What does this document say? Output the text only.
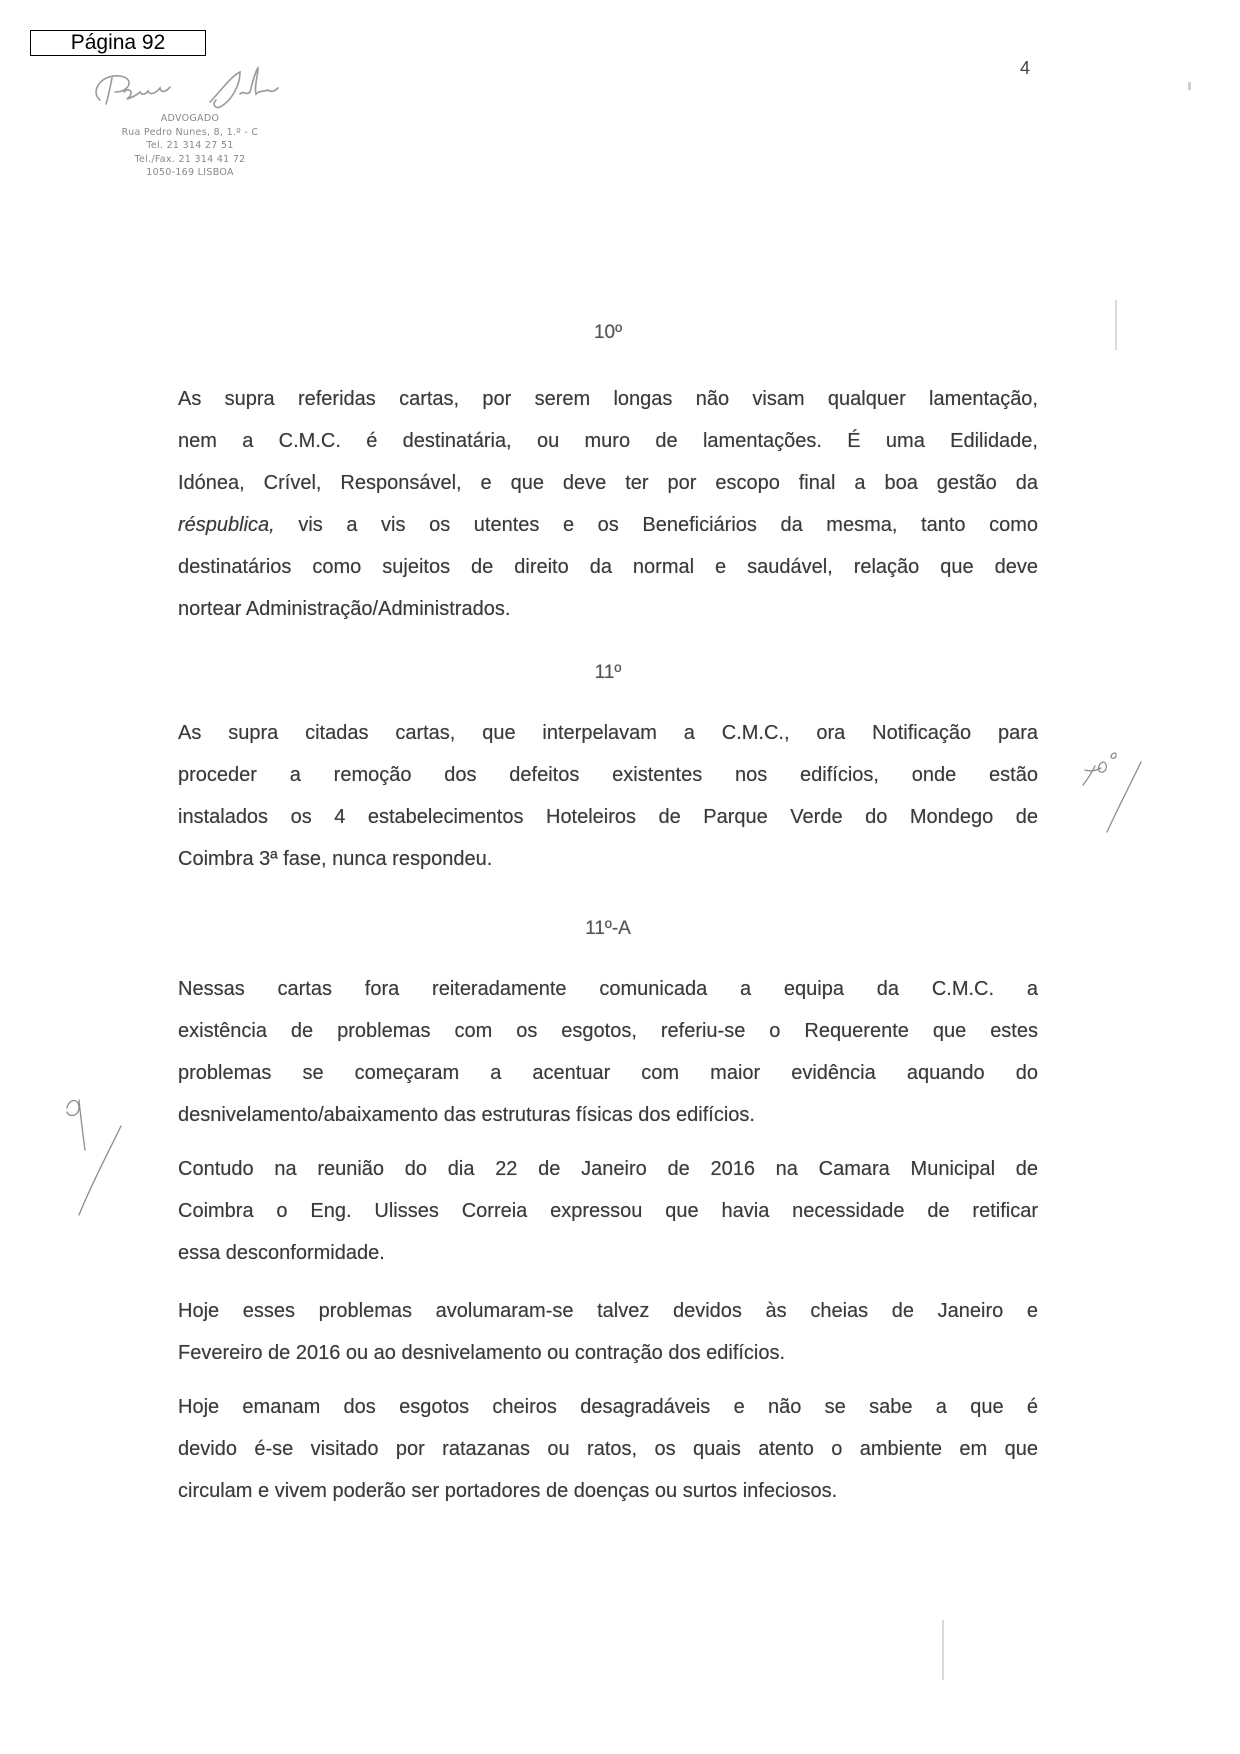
Página 92
Barata Júlio
ADVOGADO
Rua Pedro Nunes, 8, 1.º - C
Tel. 21 314 27 51
Tel./Fax. 21 314 41 72
1050-169 LISBOA
4
10º
As supra referidas cartas, por serem longas não visam qualquer lamentação,
nem a C.M.C. é destinatária, ou muro de lamentações. É uma Edilidade,
Idónea, Crível, Responsável, e que deve ter por escopo final a boa gestão da
réspublica, vis a vis os utentes e os Beneficiários da mesma, tanto como
destinatários como sujeitos de direito da normal e saudável, relação que deve
nortear Administração/Administrados.
11º
As supra citadas cartas, que interpelavam a C.M.C., ora Notificação para
proceder a remoção dos defeitos existentes nos edifícios, onde estão
instalados os 4 estabelecimentos Hoteleiros de Parque Verde do Mondego de
Coimbra 3ª fase, nunca respondeu.
11º-A
Nessas cartas fora reiteradamente comunicada a equipa da C.M.C. a
existência de problemas com os esgotos, referiu-se o Requerente que estes
problemas se começaram a acentuar com maior evidência aquando do
desnivelamento/abaixamento das estruturas físicas dos edifícios.
Contudo na reunião do dia 22 de Janeiro de 2016 na Camara Municipal de
Coimbra o Eng. Ulisses Correia expressou que havia necessidade de retificar
essa desconformidade.
Hoje esses problemas avolumaram-se talvez devidos às cheias de Janeiro e
Fevereiro de 2016 ou ao desnivelamento ou contração dos edifícios.
Hoje emanam dos esgotos cheiros desagradáveis e não se sabe a que é
devido é-se visitado por ratazanas ou ratos, os quais atento o ambiente em que
circulam e vivem poderão ser portadores de doenças ou surtos infeciosos.
10º
9
